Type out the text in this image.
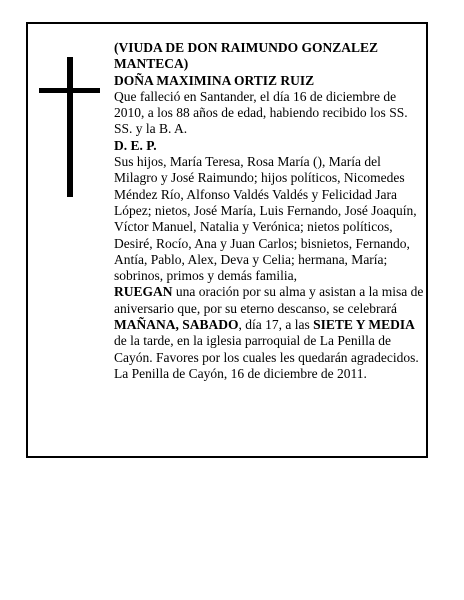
(VIUDA DE DON RAIMUNDO GONZALEZ MANTECA)

DOÑA MAXIMINA ORTIZ RUIZ

Que falleció en Santander, el día 16 de diciembre de 2010, a los 88 años de edad, habiendo recibido los SS. SS. y la B. A.

D. E. P.

Sus hijos, María Teresa, Rosa María (), María del Milagro y José Raimundo; hijos políticos, Nicomedes Méndez Río, Alfonso Valdés Valdés y Felicidad Jara López; nietos, José María, Luis Fernando, José Joaquín, Víctor Manuel, Natalia y Verónica; nietos políticos, Desiré, Rocío, Ana y Juan Carlos; bisnietos, Fernando, Antía, Pablo, Alex, Deva y Celia; hermana, María; sobrinos, primos y demás familia,

RUEGAN una oración por su alma y asistan a la misa de aniversario que, por su eterno descanso, se celebrará MAÑANA, SABADO, día 17, a las SIETE Y MEDIA de la tarde, en la iglesia parroquial de La Penilla de Cayón. Favores por los cuales les quedarán agradecidos.

La Penilla de Cayón, 16 de diciembre de 2011.
